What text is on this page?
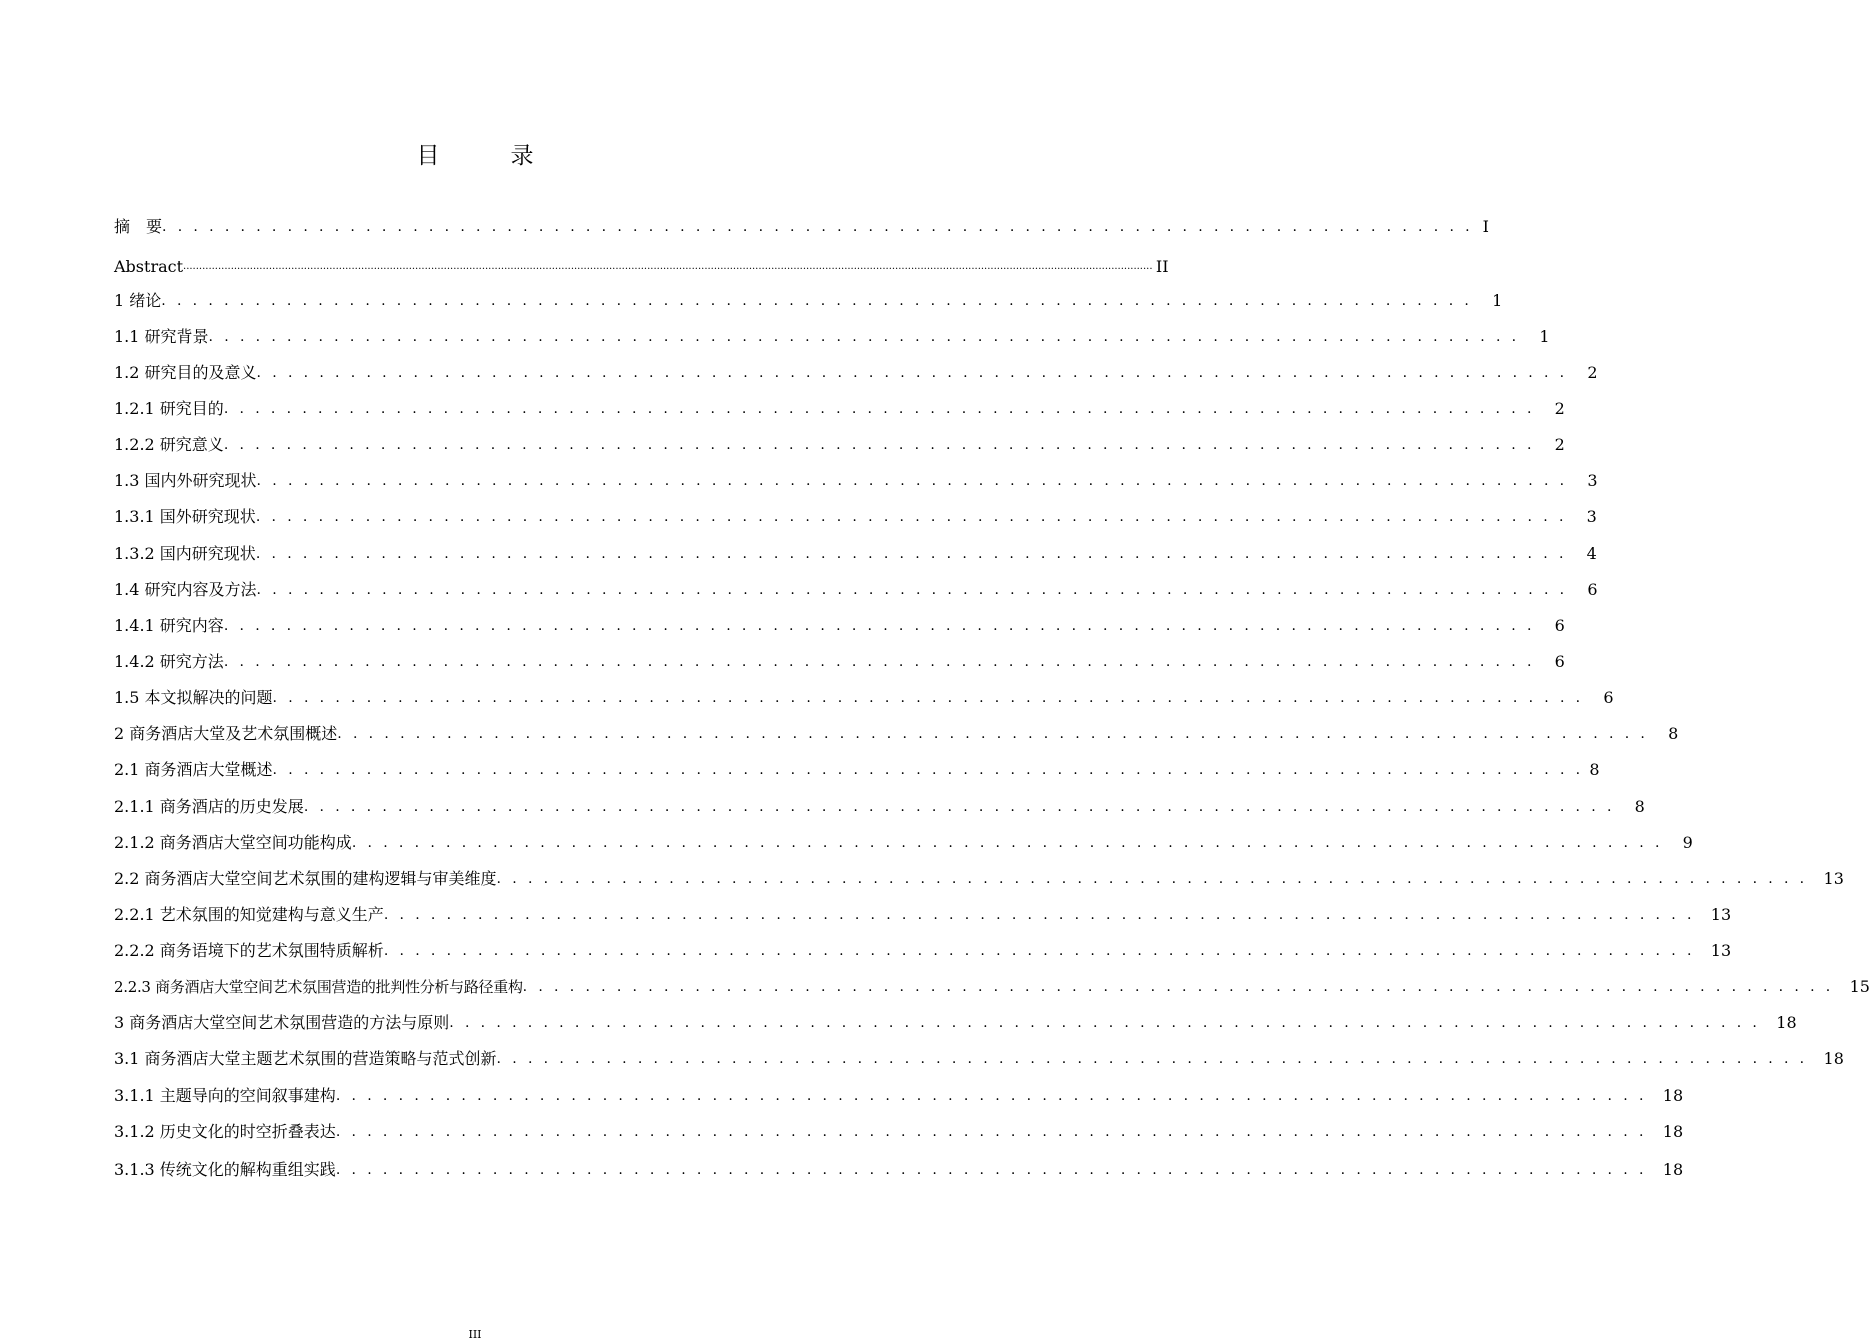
目　录
摘　要 . . . . . . . . . . . . . . . . . . . . . . . . . . . . . . . . . . . . . . . . . . . . . . . . . . . . . . . . . . . . . . . . . . . . . . . . . . . . . . . . . . . . I
Abstract ................................................................................................................................................................................................................................................................................................................. II
1 绪论 . . . . . . . . . . . . . . . . . . . . . . . . . . . . . . . . . . . . . . . . . . . . . . . . . . . . . . . . . . . . . . . . . . . . . . . . . . . . . . . . . . . . 1
1.1 研究背景 . . . . . . . . . . . . . . . . . . . . . . . . . . . . . . . . . . . . . . . . . . . . . . . . . . . . . . . . . . . . . . . . . . . . . . . . . . . . . . . . . . . . 1
1.2 研究目的及意义 . . . . . . . . . . . . . . . . . . . . . . . . . . . . . . . . . . . . . . . . . . . . . . . . . . . . . . . . . . . . . . . . . . . . . . . . . . . . . . . . . . . . 2
1.2.1 研究目的 . . . . . . . . . . . . . . . . . . . . . . . . . . . . . . . . . . . . . . . . . . . . . . . . . . . . . . . . . . . . . . . . . . . . . . . . . . . . . . . . . . . . 2
1.2.2 研究意义 . . . . . . . . . . . . . . . . . . . . . . . . . . . . . . . . . . . . . . . . . . . . . . . . . . . . . . . . . . . . . . . . . . . . . . . . . . . . . . . . . . . . 2
1.3 国内外研究现状 . . . . . . . . . . . . . . . . . . . . . . . . . . . . . . . . . . . . . . . . . . . . . . . . . . . . . . . . . . . . . . . . . . . . . . . . . . . . . . . . . . . . 3
1.3.1 国外研究现状 . . . . . . . . . . . . . . . . . . . . . . . . . . . . . . . . . . . . . . . . . . . . . . . . . . . . . . . . . . . . . . . . . . . . . . . . . . . . . . . . . . . . 3
1.3.2 国内研究现状 . . . . . . . . . . . . . . . . . . . . . . . . . . . . . . . . . . . . . . . . . . . . . . . . . . . . . . . . . . . . . . . . . . . . . . . . . . . . . . . . . . . . 4
1.4 研究内容及方法 . . . . . . . . . . . . . . . . . . . . . . . . . . . . . . . . . . . . . . . . . . . . . . . . . . . . . . . . . . . . . . . . . . . . . . . . . . . . . . . . . . . . 6
1.4.1 研究内容 . . . . . . . . . . . . . . . . . . . . . . . . . . . . . . . . . . . . . . . . . . . . . . . . . . . . . . . . . . . . . . . . . . . . . . . . . . . . . . . . . . . . 6
1.4.2 研究方法 . . . . . . . . . . . . . . . . . . . . . . . . . . . . . . . . . . . . . . . . . . . . . . . . . . . . . . . . . . . . . . . . . . . . . . . . . . . . . . . . . . . . 6
1.5 本文拟解决的问题 . . . . . . . . . . . . . . . . . . . . . . . . . . . . . . . . . . . . . . . . . . . . . . . . . . . . . . . . . . . . . . . . . . . . . . . . . . . . . . . . . . . . 6
2 商务酒店大堂及艺术氛围概述 . . . . . . . . . . . . . . . . . . . . . . . . . . . . . . . . . . . . . . . . . . . . . . . . . . . . . . . . . . . . . . . . . . . . . . . . . . . . . . . . . . . . 8
2.1 商务酒店大堂概述 . . . . . . . . . . . . . . . . . . . . . . . . . . . . . . . . . . . . . . . . . . . . . . . . . . . . . . . . . . . . . . . . . . . . . . . . . . . . . . . . . . . . 8
2.1.1 商务酒店的历史发展 . . . . . . . . . . . . . . . . . . . . . . . . . . . . . . . . . . . . . . . . . . . . . . . . . . . . . . . . . . . . . . . . . . . . . . . . . . . . . . . . . . . . 8
2.1.2 商务酒店大堂空间功能构成 . . . . . . . . . . . . . . . . . . . . . . . . . . . . . . . . . . . . . . . . . . . . . . . . . . . . . . . . . . . . . . . . . . . . . . . . . . . . . . . . . . . . 9
2.2 商务酒店大堂空间艺术氛围的建构逻辑与审美维度 . . . . . . . . . . . . . . . . . . . . . . . . . . . . . . . . . . . . . . . . . . . . . . . . . . . . . . . . . . . . . . . . . . . . . . . . . . . . . . . . . . . . 13
2.2.1 艺术氛围的知觉建构与意义生产 . . . . . . . . . . . . . . . . . . . . . . . . . . . . . . . . . . . . . . . . . . . . . . . . . . . . . . . . . . . . . . . . . . . . . . . . . . . . . . . . . . . . 13
2.2.2 商务语境下的艺术氛围特质解析 . . . . . . . . . . . . . . . . . . . . . . . . . . . . . . . . . . . . . . . . . . . . . . . . . . . . . . . . . . . . . . . . . . . . . . . . . . . . . . . . . . . . 13
2.2.3 商务酒店大堂空间艺术氛围营造的批判性分析与路径重构 . . . . . . . . . . . . . . . . . . . . . . . . . . . . . . . . . . . . . . . . . . . . . . . . . . . . . . . . . . . . . . . . . . . . . . . . . . . . . . . . . . . . 15
3 商务酒店大堂空间艺术氛围营造的方法与原则 . . . . . . . . . . . . . . . . . . . . . . . . . . . . . . . . . . . . . . . . . . . . . . . . . . . . . . . . . . . . . . . . . . . . . . . . . . . . . . . . . . . . 18
3.1 商务酒店大堂主题艺术氛围的营造策略与范式创新 . . . . . . . . . . . . . . . . . . . . . . . . . . . . . . . . . . . . . . . . . . . . . . . . . . . . . . . . . . . . . . . . . . . . . . . . . . . . . . . . . . . . 18
3.1.1 主题导向的空间叙事建构 . . . . . . . . . . . . . . . . . . . . . . . . . . . . . . . . . . . . . . . . . . . . . . . . . . . . . . . . . . . . . . . . . . . . . . . . . . . . . . . . . . . . 18
3.1.2 历史文化的时空折叠表达 . . . . . . . . . . . . . . . . . . . . . . . . . . . . . . . . . . . . . . . . . . . . . . . . . . . . . . . . . . . . . . . . . . . . . . . . . . . . . . . . . . . . 18
3.1.3 传统文化的解构重组实践 . . . . . . . . . . . . . . . . . . . . . . . . . . . . . . . . . . . . . . . . . . . . . . . . . . . . . . . . . . . . . . . . . . . . . . . . . . . . . . . . . . . . 18
III
